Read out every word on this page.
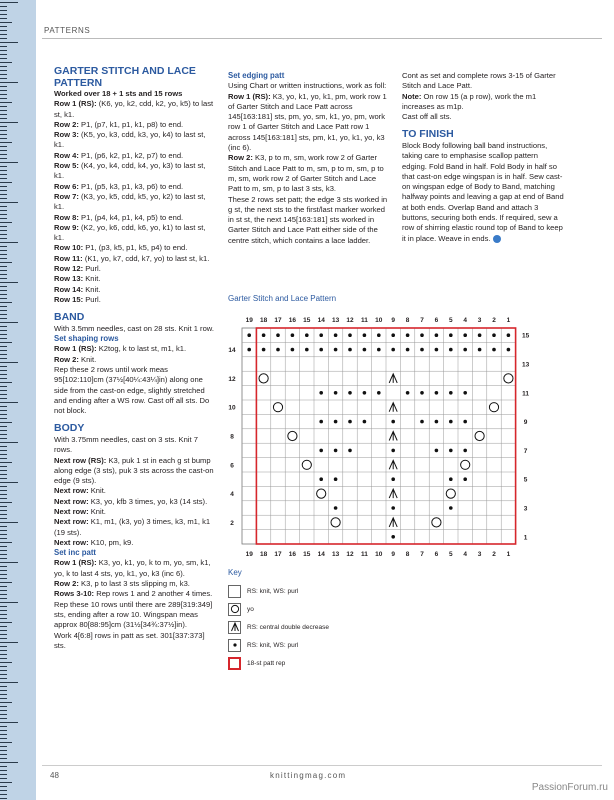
PATTERNS

GARTER STITCH AND LACE PATTERN

Worked over 18 + 1 sts and 15 rows

Row 1 (RS): (K6, yo, k2, cdd, k2, yo, k5) to last st, k1.

Row 2: P1, (p7, k1, p1, k1, p8) to end.

Row 3: (K5, yo, k3, cdd, k3, yo, k4) to last st, k1.

Row 4: P1, (p6, k2, p1, k2, p7) to end.

Row 5: (K4, yo, k4, cdd, k4, yo, k3) to last st, k1.

Row 6: P1, (p5, k3, p1, k3, p6) to end.

Row 7: (K3, yo, k5, cdd, k5, yo, k2) to last st, k1.

Row 8: P1, (p4, k4, p1, k4, p5) to end.

Row 9: (K2, yo, k6, cdd, k6, yo, k1) to last st, k1.

Row 10: P1, (p3, k5, p1, k5, p4) to end.

Row 11: (K1, yo, k7, cdd, k7, yo) to last st, k1.

Row 12: Purl.

Row 13: Knit.

Row 14: Knit.

Row 15: Purl.

BAND

With 3.5mm needles, cast on 28 sts. Knit 1 row.

Set shaping rows

Row 1 (RS): K2tog, k to last st, m1, k1.

Row 2: Knit.

Rep these 2 rows until work meas 95[102:110]cm (37½[40¼:43¼]in) along one side from the cast-on edge, slightly stretched and ending after a WS row. Cast off all sts. Do not block.

BODY

With 3.75mm needles, cast on 3 sts. Knit 7 rows.

Next row (RS): K3, puk 1 st in each g st bump along edge (3 sts), puk 3 sts across the cast-on edge (9 sts).

Next row: Knit.

Next row: K3, yo, kfb 3 times, yo, k3 (14 sts).

Next row: Knit.

Next row: K1, m1, (k3, yo) 3 times, k3, m1, k1 (19 sts).

Next row: K10, pm, k9.

Set inc patt

Row 1 (RS): K3, yo, k1, yo, k to m, yo, sm, k1, yo, k to last 4 sts, yo, k1, yo, k3 (inc 6).

Row 2: K3, p to last 3 sts slipping m, k3.

Rows 3-10: Rep rows 1 and 2 another 4 times.

Rep these 10 rows until there are 289[319:349] sts, ending after a row 10. Wingspan meas approx 80[88:95]cm (31½[34¾:37½]in).

Work 4[6:8] rows in patt as set. 301[337:373] sts.

Set edging patt

Using Chart or written instructions, work as foll:

Row 1 (RS): K3, yo, k1, yo, k1, pm, work row 1 of Garter Stitch and Lace Patt across 145[163:181] sts, pm, yo, sm, k1, yo, pm, work row 1 of Garter Stitch and Lace Patt row 1 across 145[163:181] sts, pm, k1, yo, k1, yo, k3 (inc 6).

Row 2: K3, p to m, sm, work row 2 of Garter Stitch and Lace Patt to m, sm, p to m, sm, p to m, sm, work row 2 of Garter Stitch and Lace Patt to m, sm, p to last 3 sts, k3.

These 2 rows set patt; the edge 3 sts worked in g st, the next sts to the first/last marker worked in st st, the next 145[163:181] sts worked in Garter Stitch and Lace Patt either side of the centre stitch, which contains a lace ladder.

Cont as set and complete rows 3-15 of Garter Stitch and Lace Patt.

Note: On row 15 (a p row), work the m1 increases as m1p.

Cast off all sts.

TO FINISH

Block Body following ball band instructions, taking care to emphasise scallop pattern edging. Fold Band in half. Fold Body in half so that cast-on edge wingspan is in half. Sew cast-on wingspan edge of Body to Band, matching halfway points and leaving a gap at end of Band at both ends. Overlap Band and attach 3 buttons, securing both ends. If required, sew a row of shirring elastic round top of Band to keep it in place. Weave in ends.

Garter Stitch and Lace Pattern
19
19
18
18
17
17
16
16
15
15
14
14
13
13
12
12
11
11
10
10
9
9
8
8
7
7
6
6
5
5
4
4
3
3
2
2
1
1
15
13
11
9
7
5
3
1
14
12
10
8
6
4
2
Key
RS: knit, WS: purl
yo
RS: central double decrease
RS: knit, WS: purl
18-st patt rep
48	knittingmag.com
PassionForum.ru
